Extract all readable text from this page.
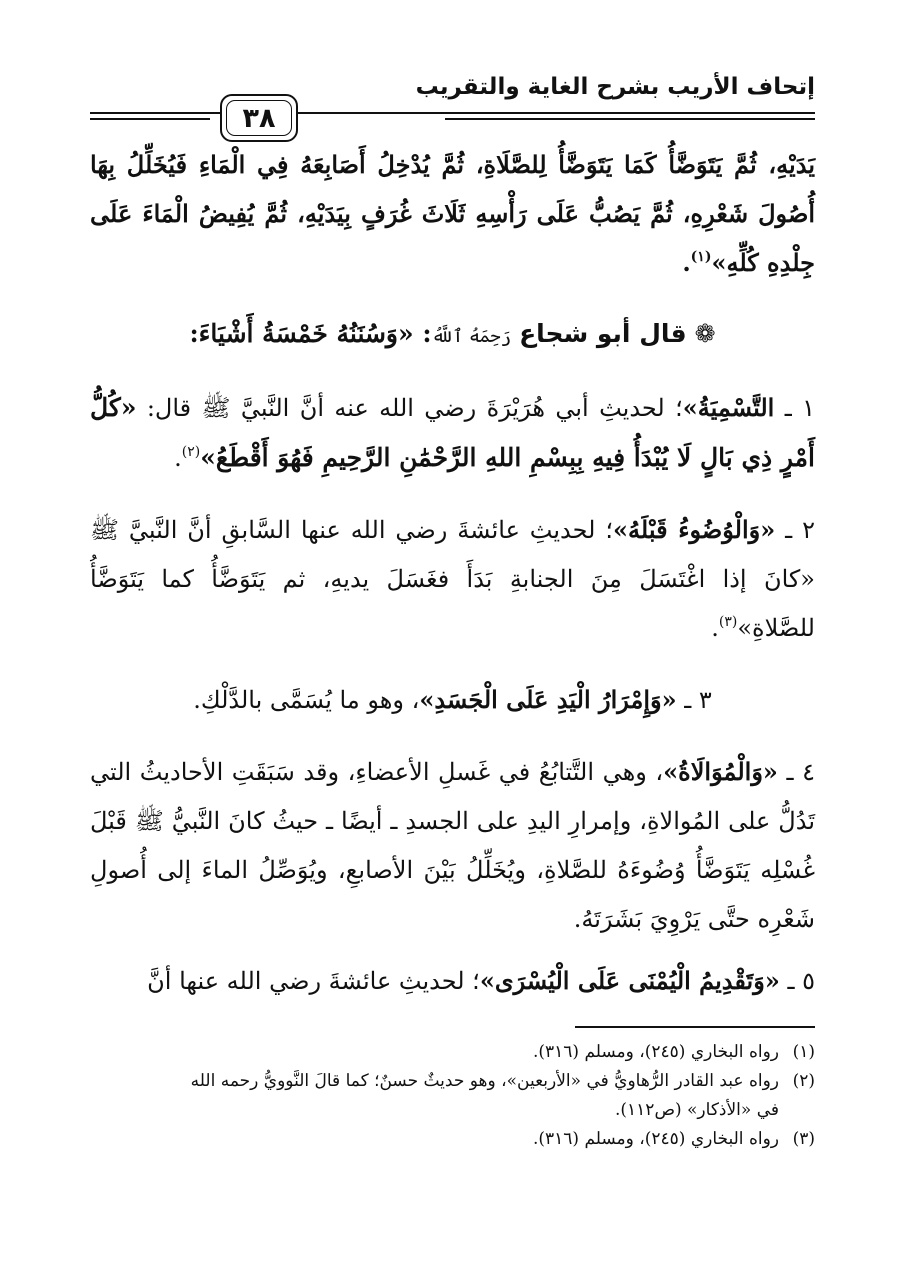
إتحاف الأريب بشرح الغاية والتقريب
٣٨

يَدَيْهِ، ثُمَّ يَتَوَضَّأُ كَمَا يَتَوَضَّأُ لِلصَّلَاةِ، ثُمَّ يُدْخِلُ أَصَابِعَهُ فِي الْمَاءِ فَيُخَلِّلُ بِهَا أُصُولَ شَعْرِهِ، ثُمَّ يَصُبُّ عَلَى رَأْسِهِ ثَلَاثَ غُرَفٍ بِيَدَيْهِ، ثُمَّ يُفِيضُ الْمَاءَ عَلَى جِلْدِهِ كُلِّهِ»$^{(١)}$.

❁ قال أبو شجاع رَحِمَهُ ٱللَّهُ: «وَسُنَنُهُ خَمْسَةُ أَشْيَاءَ:

١ ـ التَّسْمِيَةُ»؛ لحديثِ أبي هُرَيْرَةَ رضي الله عنه أنَّ النَّبيَّ ﷺ قال: «كُلُّ أَمْرٍ ذِي بَالٍ لَا يُبْدَأُ فِيهِ بِبِسْمِ اللهِ الرَّحْمَٰنِ الرَّحِيمِ فَهُوَ أَقْطَعُ»$^{(٢)}$.

٢ ـ «وَالْوُضُوءُ قَبْلَهُ»؛ لحديثِ عائشةَ رضي الله عنها السَّابقِ أنَّ النَّبيَّ ﷺ «كانَ إذا اغْتَسَلَ مِنَ الجنابةِ بَدَأَ فغَسَلَ يديهِ، ثم يَتَوَضَّأُ كما يَتَوَضَّأُ للصَّلاةِ»$^{(٣)}$.

٣ ـ «وَإِمْرَارُ الْيَدِ عَلَى الْجَسَدِ»، وهو ما يُسَمَّى بالدَّلْكِ.

٤ ـ «وَالْمُوَالَاةُ»، وهي التَّتابُعُ في غَسلِ الأعضاءِ، وقد سَبَقَتِ الأحاديثُ التي تَدُلُّ على المُوالاةِ، وإمرارِ اليدِ على الجسدِ ـ أيضًا ـ حيثُ كانَ النَّبيُّ ﷺ قَبْلَ غُسْلِه يَتَوَضَّأُ وُضُوءَهُ للصَّلاةِ، ويُخَلِّلُ بَيْنَ الأصابعِ، ويُوَصِّلُ الماءَ إلى أُصولِ شَعْرِه حتَّى يَرْوِيَ بَشَرَتَهُ.

٥ ـ «وَتَقْدِيمُ الْيُمْنَى عَلَى الْيُسْرَى»؛ لحديثِ عائشةَ رضي الله عنها أنَّ

(١)رواه البخاري (٢٤٥)، ومسلم (٣١٦).

(٢)رواه عبد القادر الرُّهاويُّ في «الأربعين»، وهو حديثٌ حسنٌ؛ كما قالَ النَّوويُّ رحمه الله
في «الأذكار» (ص١١٢).

(٣)رواه البخاري (٢٤٥)، ومسلم (٣١٦).
